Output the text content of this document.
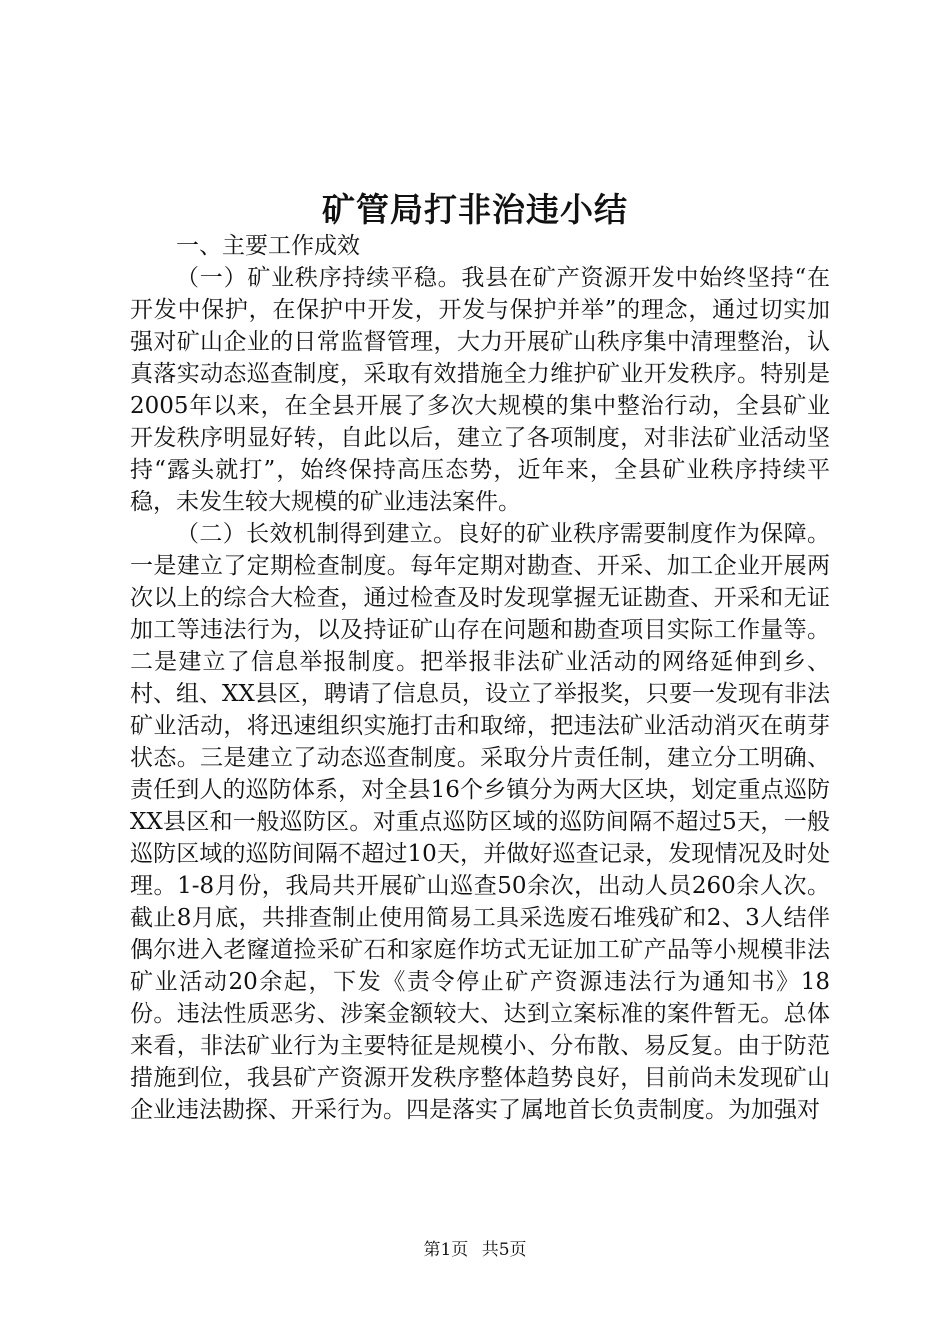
矿管局打非治违小结

一、主要工作成效

（一）矿业秩序持续平稳。我县在矿产资源开发中始终坚持“在开发中保护，在保护中开发，开发与保护并举”的理念，通过切实加强对矿山企业的日常监督管理，大力开展矿山秩序集中清理整治，认真落实动态巡查制度，采取有效措施全力维护矿业开发秩序。特别是2005年以来，在全县开展了多次大规模的集中整治行动，全县矿业开发秩序明显好转，自此以后，建立了各项制度，对非法矿业活动坚持“露头就打”，始终保持高压态势，近年来，全县矿业秩序持续平稳，未发生较大规模的矿业违法案件。

（二）长效机制得到建立。良好的矿业秩序需要制度作为保障。一是建立了定期检查制度。每年定期对勘查、开采、加工企业开展两次以上的综合大检查，通过检查及时发现掌握无证勘查、开采和无证加工等违法行为，以及持证矿山存在问题和勘查项目实际工作量等。二是建立了信息举报制度。把举报非法矿业活动的网络延伸到乡、村、组、XX县区，聘请了信息员，设立了举报奖，只要一发现有非法矿业活动，将迅速组织实施打击和取缔，把违法矿业活动消灭在萌芽状态。三是建立了动态巡查制度。采取分片责任制，建立分工明确、责任到人的巡防体系，对全县16个乡镇分为两大区块，划定重点巡防XX县区和一般巡防区。对重点巡防区域的巡防间隔不超过5天，一般巡防区域的巡防间隔不超过10天，并做好巡查记录，发现情况及时处理。1-8月份，我局共开展矿山巡查50余次，出动人员260余人次。截止8月底，共排查制止使用简易工具采选废石堆残矿和2、3人结伴偶尔进入老窿道捡采矿石和家庭作坊式无证加工矿产品等小规模非法矿业活动20余起，下发《责令停止矿产资源违法行为通知书》18份。违法性质恶劣、涉案金额较大、达到立案标准的案件暂无。总体来看，非法矿业行为主要特征是规模小、分布散、易反复。由于防范措施到位，我县矿产资源开发秩序整体趋势良好，目前尚未发现矿山企业违法勘探、开采行为。四是落实了属地首长负责制度。为加强对

第1页 共5页
